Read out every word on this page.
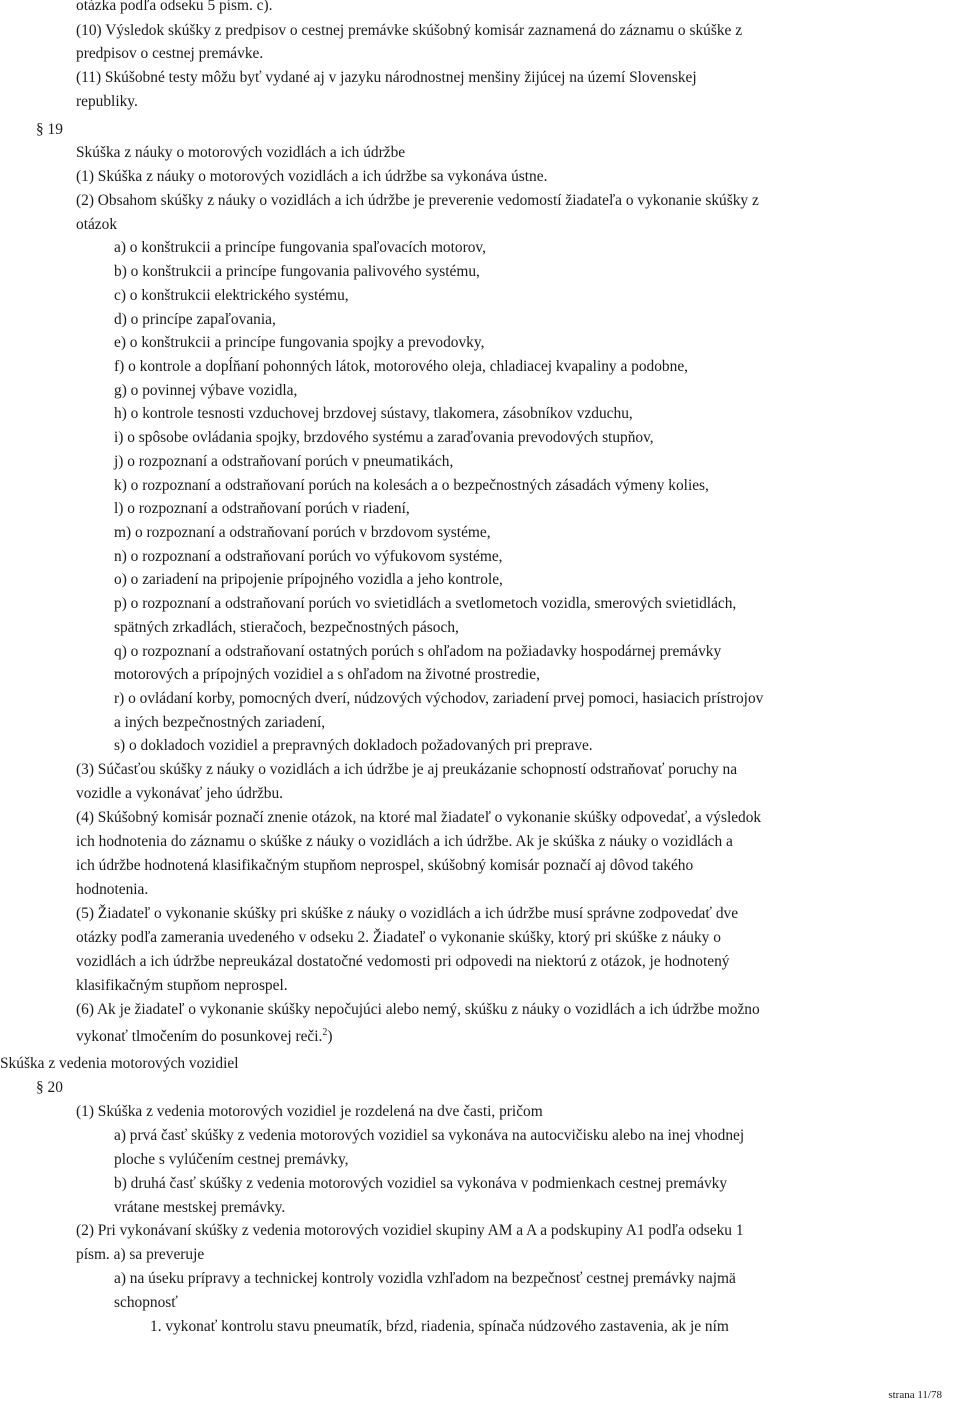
otázka podľa odseku 5 písm. c).

(10) Výsledok skúšky z predpisov o cestnej premávke skúšobný komisár zaznamená do záznamu o skúške z

predpisov o cestnej premávke.

(11) Skúšobné testy môžu byť vydané aj v jazyku národnostnej menšiny žijúcej na území Slovenskej

republiky.

§ 19

Skúška z náuky o motorových vozidlách a ich údržbe

(1) Skúška z náuky o motorových vozidlách a ich údržbe sa vykonáva ústne.

(2) Obsahom skúšky z náuky o vozidlách a ich údržbe je preverenie vedomostí žiadateľa o vykonanie skúšky z

otázok

a) o konštrukcii a princípe fungovania spaľovacích motorov,

b) o konštrukcii a princípe fungovania palivového systému,

c) o konštrukcii elektrického systému,

d) o princípe zapaľovania,

e) o konštrukcii a princípe fungovania spojky a prevodovky,

f) o kontrole a dopĺňaní pohonných látok, motorového oleja, chladiacej kvapaliny a podobne,

g) o povinnej výbave vozidla,

h) o kontrole tesnosti vzduchovej brzdovej sústavy, tlakomera, zásobníkov vzduchu,

i) o spôsobe ovládania spojky, brzdového systému a zaraďovania prevodových stupňov,

j) o rozpoznaní a odstraňovaní porúch v pneumatikách,

k) o rozpoznaní a odstraňovaní porúch na kolesách a o bezpečnostných zásadách výmeny kolies,

l) o rozpoznaní a odstraňovaní porúch v riadení,

m) o rozpoznaní a odstraňovaní porúch v brzdovom systéme,

n) o rozpoznaní a odstraňovaní porúch vo výfukovom systéme,

o) o zariadení na pripojenie prípojného vozidla a jeho kontrole,

p) o rozpoznaní a odstraňovaní porúch vo svietidlách a svetlometoch vozidla, smerových svietidlách,

spätných zrkadlách, stieračoch, bezpečnostných pásoch,

q) o rozpoznaní a odstraňovaní ostatných porúch s ohľadom na požiadavky hospodárnej premávky

motorových a prípojných vozidiel a s ohľadom na životné prostredie,

r) o ovládaní korby, pomocných dverí, núdzových východov, zariadení prvej pomoci, hasiacich prístrojov

a iných bezpečnostných zariadení,

s) o dokladoch vozidiel a prepravných dokladoch požadovaných pri preprave.

(3) Súčasťou skúšky z náuky o vozidlách a ich údržbe je aj preukázanie schopností odstraňovať poruchy na

vozidle a vykonávať jeho údržbu.

(4) Skúšobný komisár poznačí znenie otázok, na ktoré mal žiadateľ o vykonanie skúšky odpovedať, a výsledok

ich hodnotenia do záznamu o skúške z náuky o vozidlách a ich údržbe. Ak je skúška z náuky o vozidlách a

ich údržbe hodnotená klasifikačným stupňom neprospel, skúšobný komisár poznačí aj dôvod takého

hodnotenia.

(5) Žiadateľ o vykonanie skúšky pri skúške z náuky o vozidlách a ich údržbe musí správne zodpovedať dve

otázky podľa zamerania uvedeného v odseku 2. Žiadateľ o vykonanie skúšky, ktorý pri skúške z náuky o

vozidlách a ich údržbe nepreukázal dostatočné vedomosti pri odpovedi na niektorú z otázok, je hodnotený

klasifikačným stupňom neprospel.

(6) Ak je žiadateľ o vykonanie skúšky nepočujúci alebo nemý, skúšku z náuky o vozidlách a ich údržbe možno

vykonať tlmočením do posunkovej reči.$^2$)

Skúška z vedenia motorových vozidiel

§ 20

(1) Skúška z vedenia motorových vozidiel je rozdelená na dve časti, pričom

a) prvá časť skúšky z vedenia motorových vozidiel sa vykonáva na autocvičisku alebo na inej vhodnej

ploche s vylúčením cestnej premávky,

b) druhá časť skúšky z vedenia motorových vozidiel sa vykonáva v podmienkach cestnej premávky

vrátane mestskej premávky.

(2) Pri vykonávaní skúšky z vedenia motorových vozidiel skupiny AM a A a podskupiny A1 podľa odseku 1

písm. a) sa preveruje

a) na úseku prípravy a technickej kontroly vozidla vzhľadom na bezpečnosť cestnej premávky najmä

schopnosť

1. vykonať kontrolu stavu pneumatík, bŕzd, riadenia, spínača núdzového zastavenia, ak je ním

strana 11/78
